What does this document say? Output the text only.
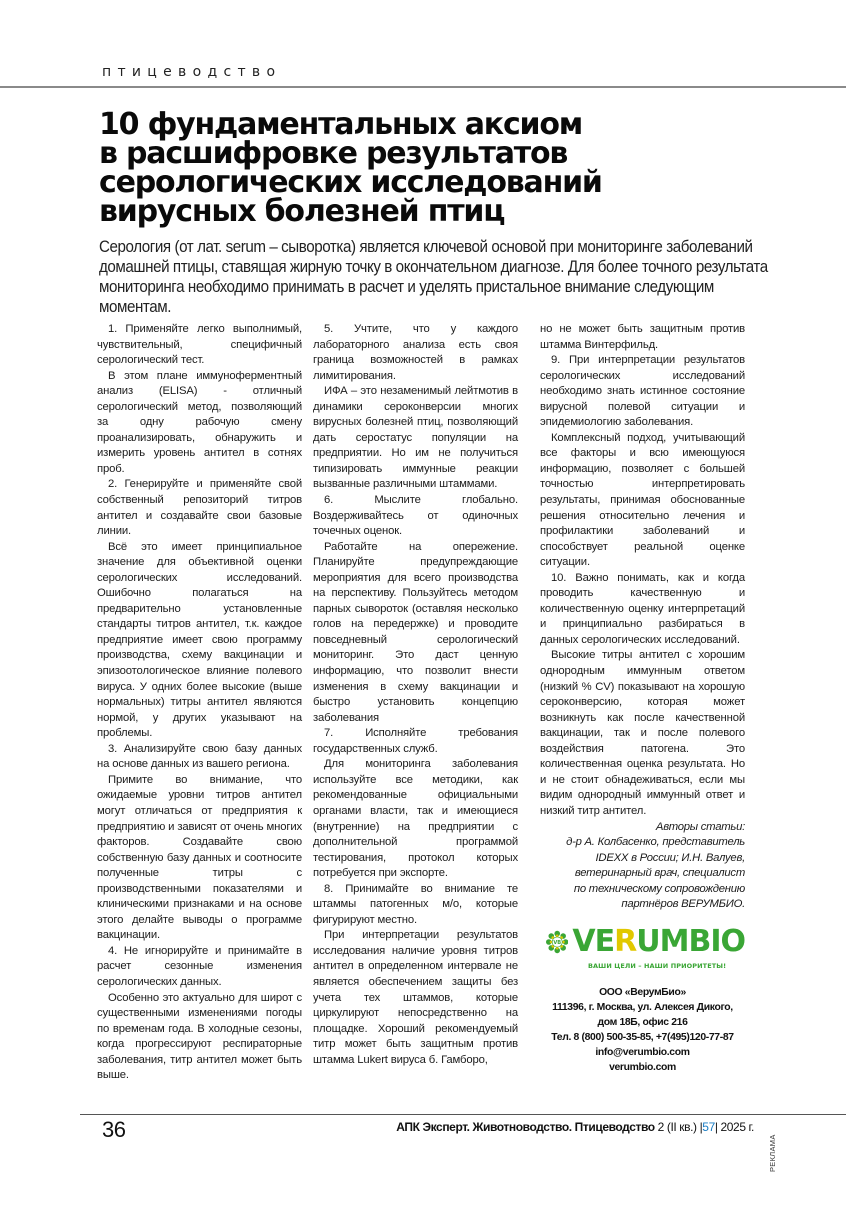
птицеводство
10 фундаментальных аксиом
в расшифровке результатов
серологических исследований
вирусных болезней птиц

Серология (от лат. serum – сыворотка) является ключевой основой при мониторинге заболеваний домашней птицы, ставящая жирную точку в окончательном диагнозе. Для более точного результата мониторинга необходимо принимать в расчет и уделять пристальное внимание следующим моментам.

1. Применяйте легко выполнимый, чувствительный, специфичный серологический тест.

В этом плане иммуноферментный анализ (ELISA) - отличный серологический метод, позволяющий за одну рабочую смену проанализировать, обнаружить и измерить уровень антител в сотнях проб.

2. Генерируйте и применяйте свой собственный репозиторий титров антител и создавайте свои базовые линии.

Всё это имеет принципиальное значение для объективной оценки серологических исследований. Ошибочно полагаться на предварительно установленные стандарты титров антител, т.к. каждое предприятие имеет свою программу производства, схему вакцинации и эпизоотологическое влияние полевого вируса. У одних более высокие (выше нормальных) титры антител являются нормой, у других указывают на проблемы.

3. Анализируйте свою базу данных на основе данных из вашего региона.

Примите во внимание, что ожидаемые уровни титров антител могут отличаться от предприятия к предприятию и зависят от очень многих факторов. Создавайте свою собственную базу данных и соотносите полученные титры с производственными показателями и клиническими признаками и на основе этого делайте выводы о программе вакцинации.

4. Не игнорируйте и принимайте в расчет сезонные изменения серологических данных.

Особенно это актуально для широт с существенными изменениями погоды по временам года. В холодные сезоны, когда прогрессируют респираторные заболевания, титр антител может быть выше.

5. Учтите, что у каждого лабораторного анализа есть своя граница возможностей в рамках лимитирования.

ИФА – это незаменимый лейтмотив в динамики сероконверсии многих вирусных болезней птиц, позволяющий дать серостатус популяции на предприятии. Но им не получиться типизировать иммунные реакции вызванные различными штаммами.

6. Мыслите глобально. Воздерживайтесь от одиночных точечных оценок.

Работайте на опережение. Планируйте предупреждающие мероприятия для всего производства на перспективу. Пользуйтесь методом парных сывороток (оставляя несколько голов на передержке) и проводите повседневный серологический мониторинг. Это даст ценную информацию, что позволит внести изменения в схему вакцинации и быстро установить концепцию заболевания

7. Исполняйте требования государственных служб.

Для мониторинга заболевания используйте все методики, как рекомендованные официальными органами власти, так и имеющиеся (внутренние) на предприятии с дополнительной программой тестирования, протокол которых потребуется при экспорте.

8. Принимайте во внимание те штаммы патогенных м/о, которые фигурируют местно.

При интерпретации результатов исследования наличие уровня титров антител в определенном интервале не является обеспечением защиты без учета тех штаммов, которые циркулируют непосредственно на площадке. Хороший рекомендуемый титр может быть защитным против штамма Lukert вируса б. Гамборо,

но не может быть защитным против штамма Винтерфильд.

9. При интерпретации результатов серологических исследований необходимо знать истинное состояние вирусной полевой ситуации и эпидемиологию заболевания.

Комплексный подход, учитывающий все факторы и всю имеющуюся информацию, позволяет с большей точностью интерпретировать результаты, принимая обоснованные решения относительно лечения и профилактики заболеваний и способствует реальной оценке ситуации.

10. Важно понимать, как и когда проводить качественную и количественную оценку интерпретаций и принципиально разбираться в данных серологических исследований.

Высокие титры антител с хорошим однородным иммунным ответом (низкий % CV) показывают на хорошую сероконверсию, которая может возникнуть как после качественной вакцинации, так и после полевого воздействия патогена. Это количественная оценка результата. Но и не стоит обнадеживаться, если мы видим однородный иммунный ответ и низкий титр антител.

Авторы статьи:
д-р А. Колбасенко, представитель
IDEXX в России; И.Н. Валуев,
ветеринарный врач, специалист
по техническому сопровождению
партнёров ВЕРУМБИО.
VB VERUMBIO
ВАШИ ЦЕЛИ – НАШИ ПРИОРИТЕТЫ!
ООО «ВерумБио»
111396, г. Москва, ул. Алексея Дикого,
дом 18Б, офис 216
Тел. 8 (800) 500-35-85, +7(495)120-77-87
info@verumbio.com
verumbio.com
36	АПК Эксперт. Животноводство. Птицеводство 2 (II кв.) |57| 2025 г.
РЕКЛАМА
